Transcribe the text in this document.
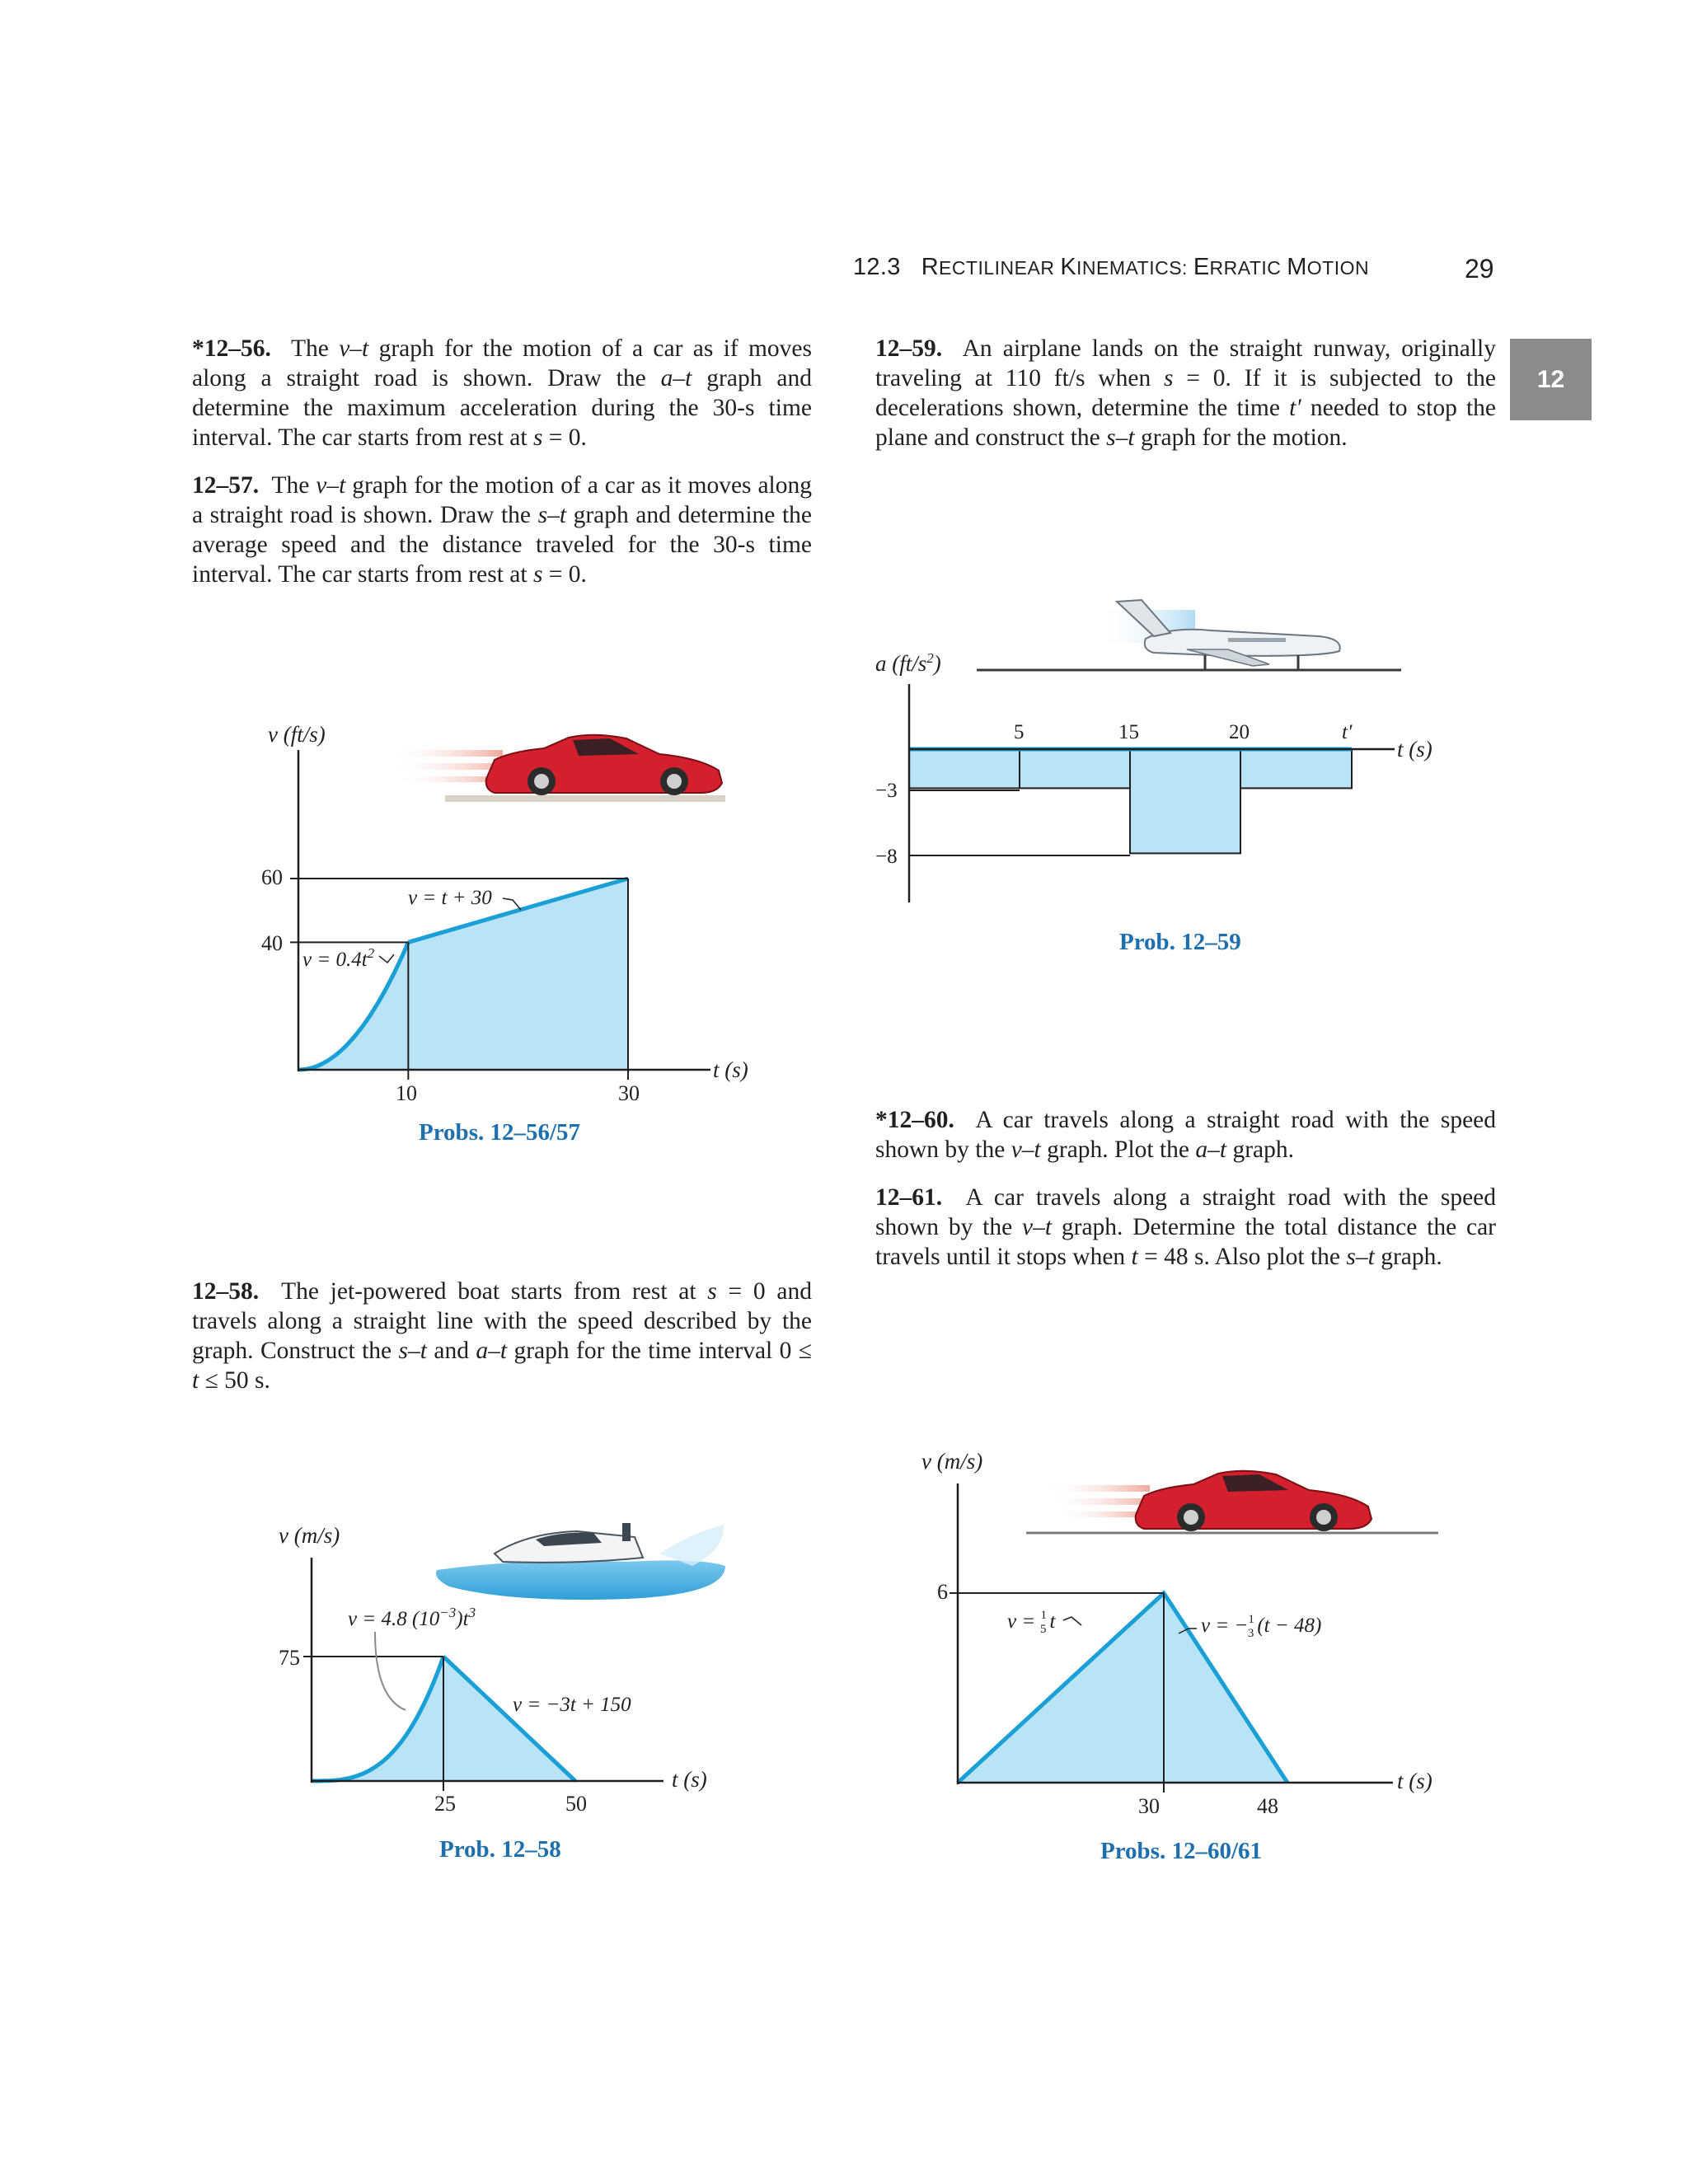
12.3 RECTILINEAR KINEMATICS: ERRATIC MOTION	29
12
*12–56. The v–t graph for the motion of a car as if moves along a straight road is shown. Draw the a–t graph and determine the maximum acceleration during the 30-s time interval. The car starts from rest at s = 0.
12–57. The v–t graph for the motion of a car as it moves along a straight road is shown. Draw the s–t graph and determine the average speed and the distance traveled for the 30-s time interval. The car starts from rest at s = 0.
12–58. The jet-powered boat starts from rest at s = 0 and travels along a straight line with the speed described by the graph. Construct the s–t and a–t graph for the time interval 0 ≤ t ≤ 50 s.
12–59. An airplane lands on the straight runway, originally traveling at 110 ft/s when s = 0. If it is subjected to the decelerations shown, determine the time t′ needed to stop the plane and construct the s–t graph for the motion.
*12–60. A car travels along a straight road with the speed shown by the v–t graph. Plot the a–t graph.
12–61. A car travels along a straight road with the speed shown by the v–t graph. Determine the total distance the car travels until it stops when t = 48 s. Also plot the s–t graph.
v (ft/s)
t (s)
60
40
10	30
$v = 0.4t^2$
v = t + 30
Probs. 12–56/57
a $(ft/s^2)$
t (s)
5	15	20	t′
−3
−8
Prob. 12–59
v (m/s)
t (s)
75
25	50
v = 4.8 $(10^{-3})t^3$
v = −3t + 150
Prob. 12–58
v (m/s)
t (s)
6
30	48
v = $^1$ 5 t	v = −$^1$ 3 (t − 48)
Probs. 12–60/61
